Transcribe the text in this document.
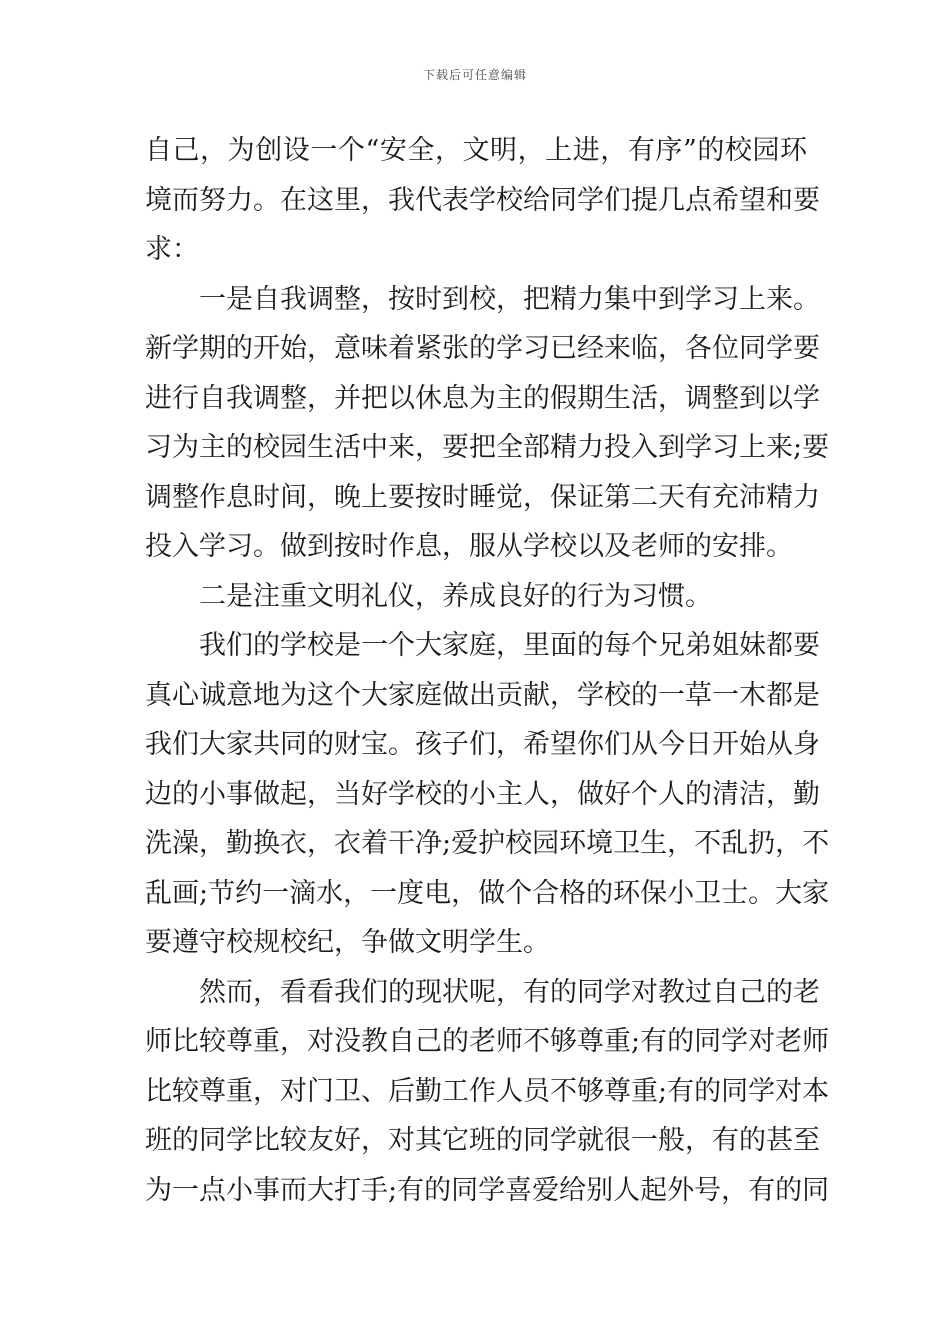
下载后可任意编辑
自己，为创设一个“安全，文明，上进，有序”的校园环
境而努力。在这里，我代表学校给同学们提几点希望和要
求：
一是自我调整，按时到校，把精力集中到学习上来。
新学期的开始，意味着紧张的学习已经来临，各位同学要
进行自我调整，并把以休息为主的假期生活，调整到以学
习为主的校园生活中来，要把全部精力投入到学习上来;要
调整作息时间，晚上要按时睡觉，保证第二天有充沛精力
投入学习。做到按时作息，服从学校以及老师的安排。
二是注重文明礼仪，养成良好的行为习惯。
我们的学校是一个大家庭，里面的每个兄弟姐妹都要
真心诚意地为这个大家庭做出贡献，学校的一草一木都是
我们大家共同的财宝。孩子们，希望你们从今日开始从身
边的小事做起，当好学校的小主人，做好个人的清洁，勤
洗澡，勤换衣，衣着干净;爱护校园环境卫生，不乱扔，不
乱画;节约一滴水，一度电，做个合格的环保小卫士。大家
要遵守校规校纪，争做文明学生。
然而，看看我们的现状呢，有的同学对教过自己的老
师比较尊重，对没教自己的老师不够尊重;有的同学对老师
比较尊重，对门卫、后勤工作人员不够尊重;有的同学对本
班的同学比较友好，对其它班的同学就很一般，有的甚至
为一点小事而大打手;有的同学喜爱给别人起外号，有的同
